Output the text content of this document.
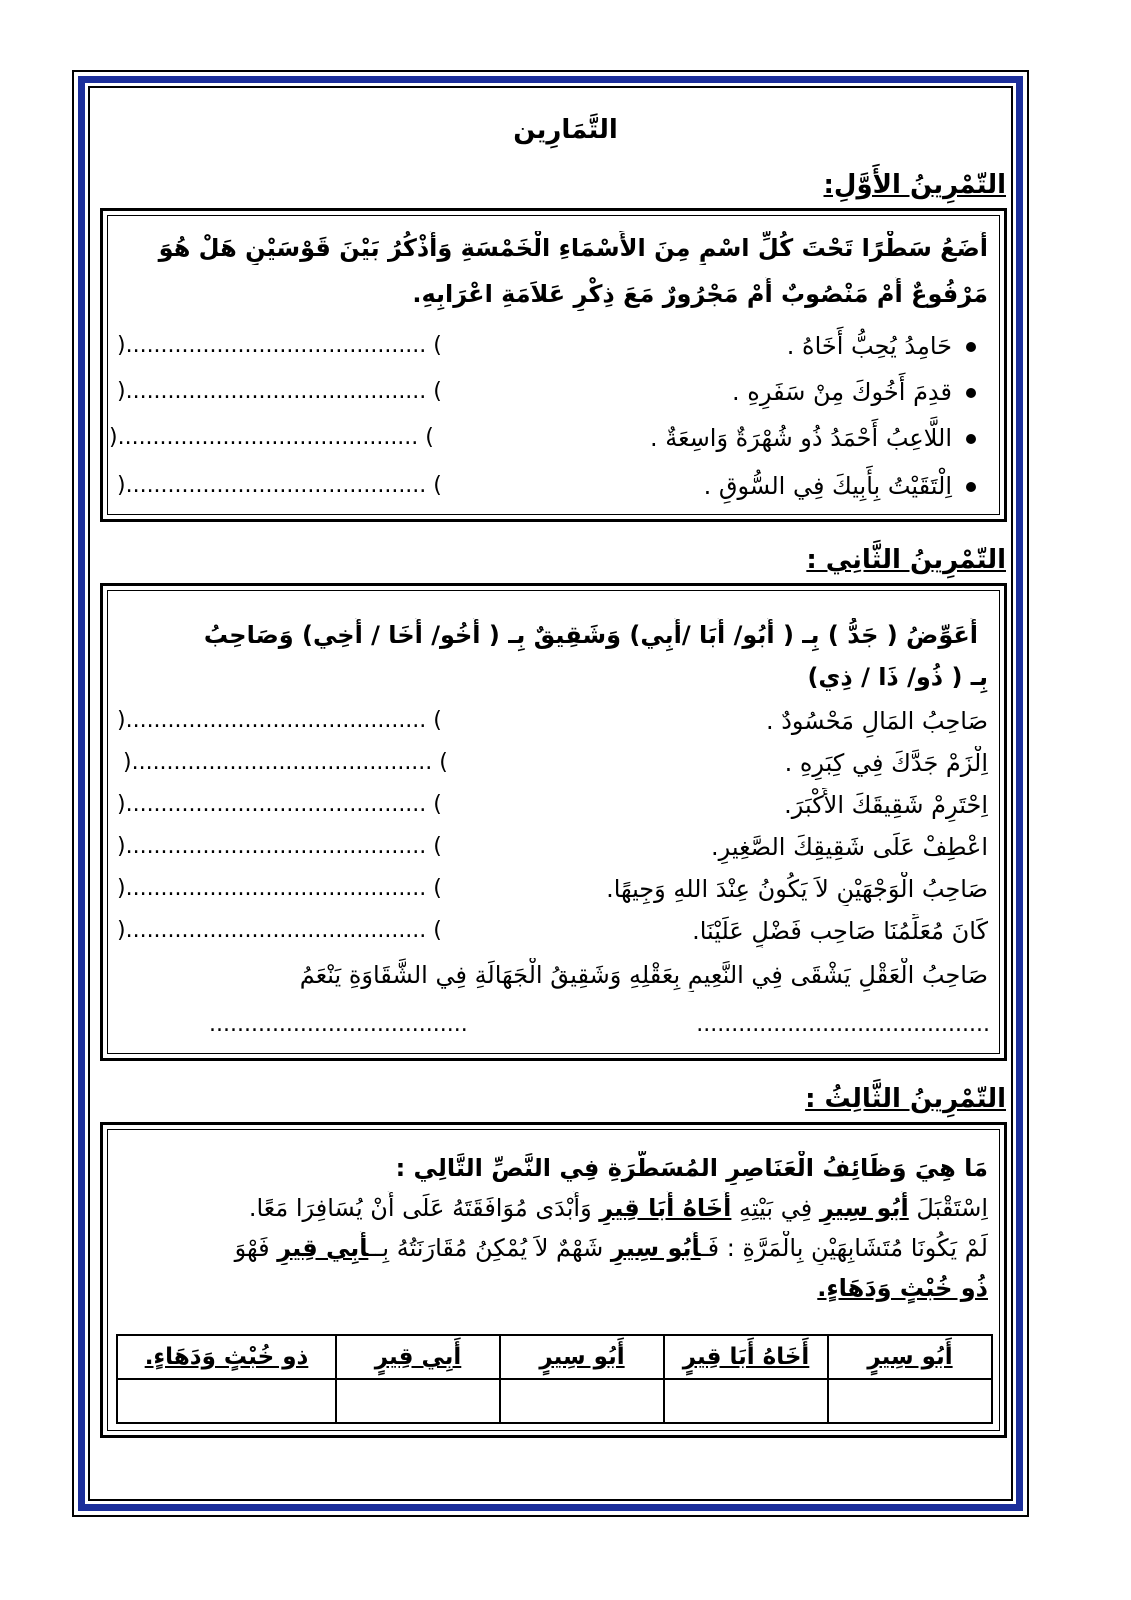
التَّمَارِين
التّمْرِينُ الأَوَّلِ:
أَضَعُ سَطْرًا تَحْتَ كُلِّ اسْمٍ مِنَ الأَسْمَاءِ الْخَمْسَةِ وَأَذْكُرُ بَيْنَ قَوْسَيْنِ هَلْ هُوَ
مَرْفُوعٌ أَمْ مَنْصُوبٌ أَمْ مَجْرُورٌ مَعَ ذِكْرِ عَلاَمَةِ اعْرَابِهِ.
حَامِدُ يُحِبُّ أَخَاهُ .
)........................................... (
قدِمَ أَخُوكَ مِنْ سَفَرِهِ .
)........................................... (
اللَّاعِبُ أَحْمَدُ ذُو شُهْرَةٌ وَاسِعَةٌ .
)........................................... (
اِلْتَقَيْتُ بِأَبِيكَ فِي السُّوقِ .
)........................................... (
التّمْرِينُ الثَّانِي :
أُعَوِّضُ ( جَدُّ ) بِـ ( أَبُو/ أَبَا /أَبِي) وَشَقِيقٌ بِـ ( أَخُو/ أَخَا / أَخِي) وَصَاحِبُ
بِـ ( ذُو/ ذَا / ذِي)
صَاحِبُ المَالِ مَحْسُودٌ .
)........................................... (
اِلْزَمْ جَدَّكَ فِي كِبَرِهِ .
)........................................... (
اِحْتَرِمْ شَقِيقَكَ الأَكْبَرَ.
)........................................... (
اعْطِفْ عَلَى شَقِيقِكَ الصَّغِيرِ.
)........................................... (
صَاحِبُ الْوَجْهَيْنِ لاَ يَكُونُ عِنْدَ اللهِ وَجِيهًا.
)........................................... (
كَانَ مُعَلِّمُنَا صَاحِب فَضْلٍ عَلَيْنَا.
)........................................... (
صَاحِبُ الْعَقْلِ يَشْقَى فِي النَّعِيمِ بِعَقْلِهِ وَشَقِيقُ الْجَهَالَةِ فِي الشَّقَاوَةِ يَنْعَمُ
..........................................
.....................................
التّمْرِينُ الثَّالِثُ :
مَا هِيَ وَظَائِفُ الْعَنَاصِرِ المُسَطَّرَةِ فِي النَّصِّ التَّالِي :
اِسْتَقْبَلَ أَبُو سِيرٍ فِي بَيْتِهِ أَخَاهُ أَبَا قِيرٍ وَأَبْدَى مُوَافَقَتَهُ عَلَى أَنْ يُسَافِرَا مَعًا.
لَمْ يَكُونَا مُتَشَابِهَيْنِ بِالْمَرَّةِ : فَـأَبُو سِيرٍ شَهْمٌ لاَ يُمْكِنُ مُقَارَنَتُهُ بِــأَبِي قِيرٍ فَهْوَ
ذُو خُبْثٍ وَدَهَاءٍ.
أَبُو سِيرٍ	أَخَاهُ أَبَا قِيرٍ	أَبُو سِيرٍ	أَبِي قِيرٍ	ذو خُبْثٍ وَدَهَاءٍ.
